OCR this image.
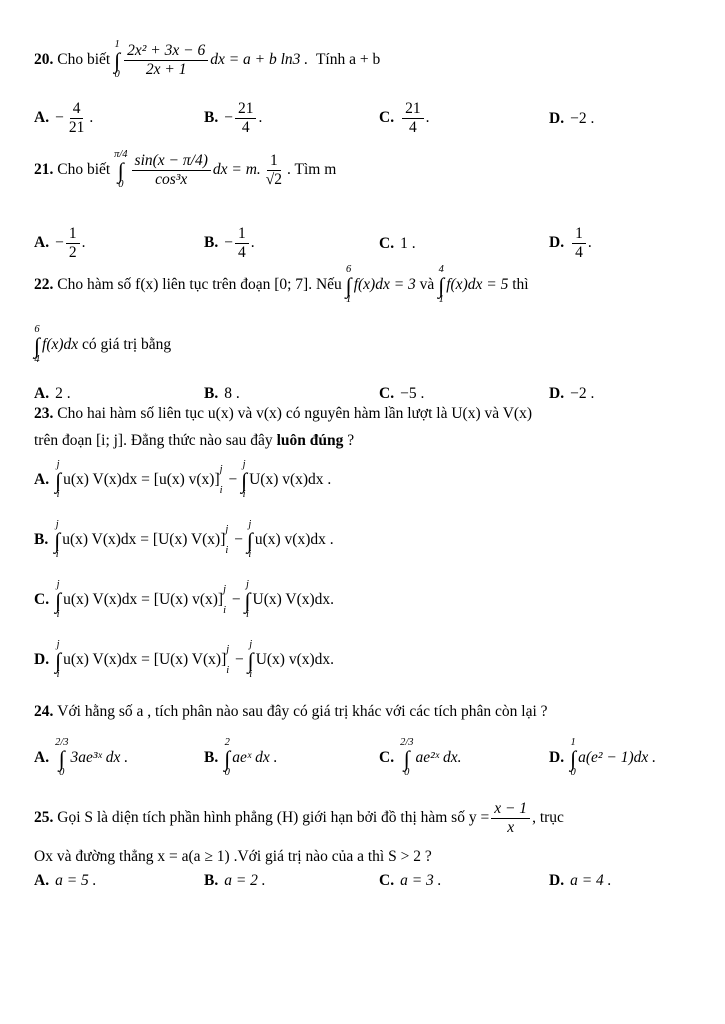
20.
Cho biết

1
∫
$0 \frac{\text{2x² + 3x − 6}}{2x + 1}$ dx = a + b ln3 .
Tính a + b
A. − $\frac{4}{21}$ .	B. − $\frac{21}{4}$ .	C. $\frac{21}{4}$ .	D. −2 .
21.
Cho biết

π/4
∫
$0 \frac{\sin(x - \pi/4)}{\text{cos³x}}$ dx = m. $\frac{1}{√2}$ . Tìm m
A. − $\frac{1}{2}$ .	B. − $\frac{1}{4}$ .	C. 1 .	D. $\frac{1}{4}$ .
22.
Cho hàm số f(x) liên tục trên đoạn [0; 7]. Nếu

6
∫
1
f(x)dx = 3
và

4
∫
1
f(x)dx = 5
thì
6
∫
4
f(x)dx
có giá trị bằng
A. 2 .	B. 8 .	C. −5 .	D. −2 .
23. Cho hai hàm số liên tục u(x) và v(x) có nguyên hàm lần lượt là U(x) và V(x)
trên đoạn [i; j]. Đẳng thức nào sau đây luôn đúng ?
A.
j
∫
i
u(x) V(x)dx = [u(x) v(x)]
j

i
−
j
∫
i
U(x) v(x)dx .
B.
j
∫
i
u(x) V(x)dx = [U(x) V(x)]
j

i
−
j
∫
i
u(x) v(x)dx .
C.
j
∫
i
u(x) V(x)dx = [U(x) v(x)]
j

i
−
j
∫
i
U(x) V(x)dx.
D.
j
∫
i
u(x) V(x)dx = [U(x) V(x)]
j

i
−
j
∫
i
U(x) v(x)dx.
24. Với hằng số a , tích phân nào sau đây có giá trị khác với các tích phân còn lại ?
A.
2/3
∫
0
3ae³ˣ dx .	B.
2
∫
0
aeˣ dx .	C.
2/3
∫
0
ae²ˣ dx.	D.
1
∫
0
a(e² − 1)dx .
25.
Gọi S là diện tích phần hình phẳng (H) giới hạn bởi đồ thị hàm số $y = \frac{x - 1}{x}$ , trục
Ox và đường thẳng x = a(a ≥ 1) .Với giá trị nào của a thì S > 2 ?
A. a = 5 .	B. a = 2 .	C. a = 3 .	D. a = 4 .
